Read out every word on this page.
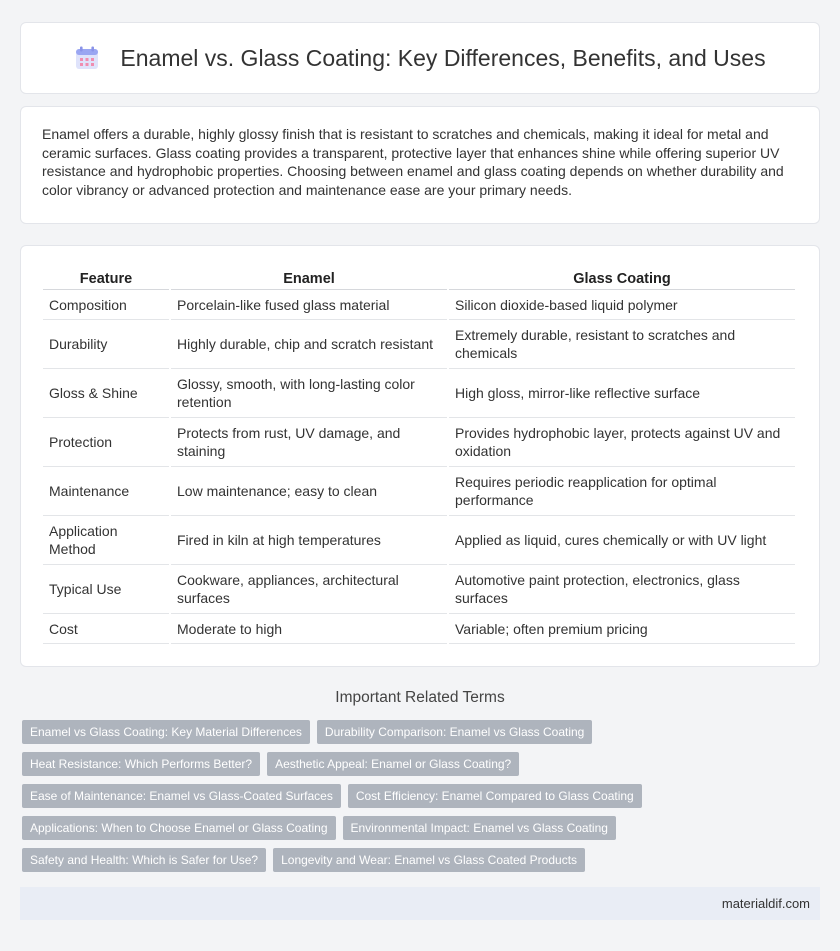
Enamel vs. Glass Coating: Key Differences, Benefits, and Uses

Enamel offers a durable, highly glossy finish that is resistant to scratches and chemicals, making it ideal for metal and ceramic surfaces. Glass coating provides a transparent, protective layer that enhances shine while offering superior UV resistance and hydrophobic properties. Choosing between enamel and glass coating depends on whether durability and color vibrancy or advanced protection and maintenance ease are your primary needs.

Feature	Enamel	Glass Coating
Composition	Porcelain-like fused glass material	Silicon dioxide-based liquid polymer
Durability	Highly durable, chip and scratch resistant	Extremely durable, resistant to scratches and chemicals
Gloss & Shine	Glossy, smooth, with long-lasting color retention	High gloss, mirror-like reflective surface
Protection	Protects from rust, UV damage, and staining	Provides hydrophobic layer, protects against UV and oxidation
Maintenance	Low maintenance; easy to clean	Requires periodic reapplication for optimal performance
Application Method	Fired in kiln at high temperatures	Applied as liquid, cures chemically or with UV light
Typical Use	Cookware, appliances, architectural surfaces	Automotive paint protection, electronics, glass surfaces
Cost	Moderate to high	Variable; often premium pricing
Important Related Terms
Enamel vs Glass Coating: Key Material Differences	Durability Comparison: Enamel vs Glass Coating
Heat Resistance: Which Performs Better?	Aesthetic Appeal: Enamel or Glass Coating?
Ease of Maintenance: Enamel vs Glass-Coated Surfaces	Cost Efficiency: Enamel Compared to Glass Coating
Applications: When to Choose Enamel or Glass Coating	Environmental Impact: Enamel vs Glass Coating
Safety and Health: Which is Safer for Use?	Longevity and Wear: Enamel vs Glass Coated Products
materialdif.com
